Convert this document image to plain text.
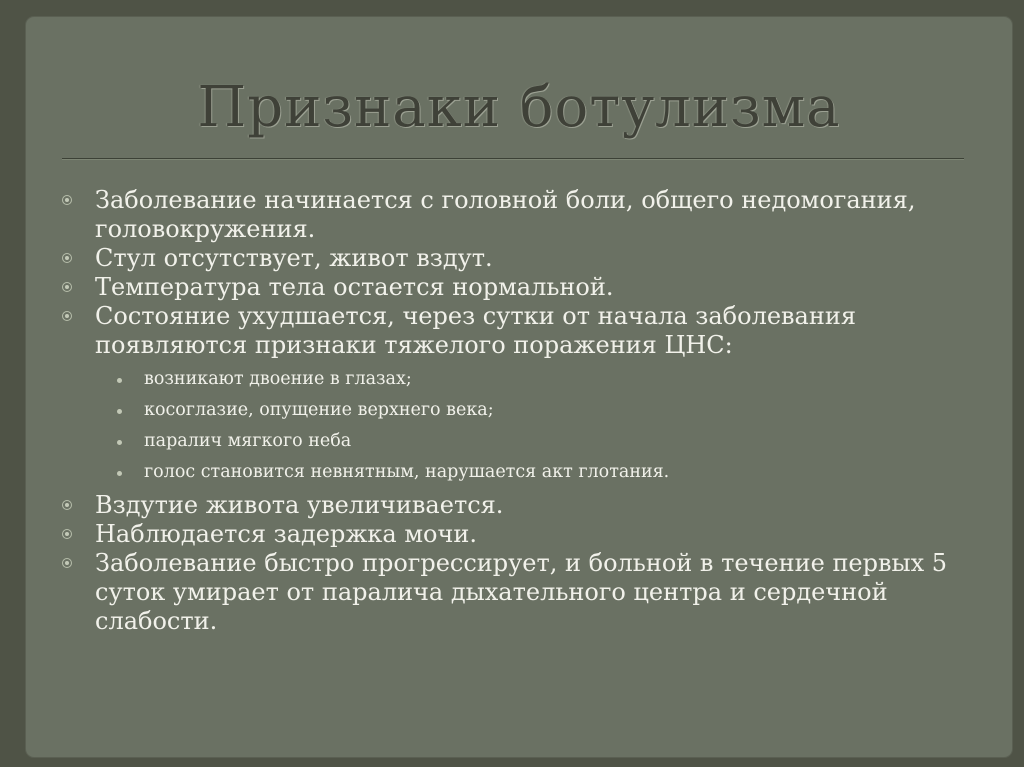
Признаки ботулизма

Заболевание начинается с головной боли, общего недомогания, головокружения.

Стул отсутствует, живот вздут.

Температура тела остается нормальной.

Состояние ухудшается, через сутки от начала заболевания появляются признаки тяжелого поражения ЦНС:

возникают двоение в глазах;

косоглазие, опущение верхнего века;

паралич мягкого неба

голос становится невнятным, нарушается акт глотания.

Вздутие живота увеличивается.

Наблюдается задержка мочи.

Заболевание быстро прогрессирует, и больной в течение первых 5 суток умирает от паралича дыхательного центра и сердечной слабости.
